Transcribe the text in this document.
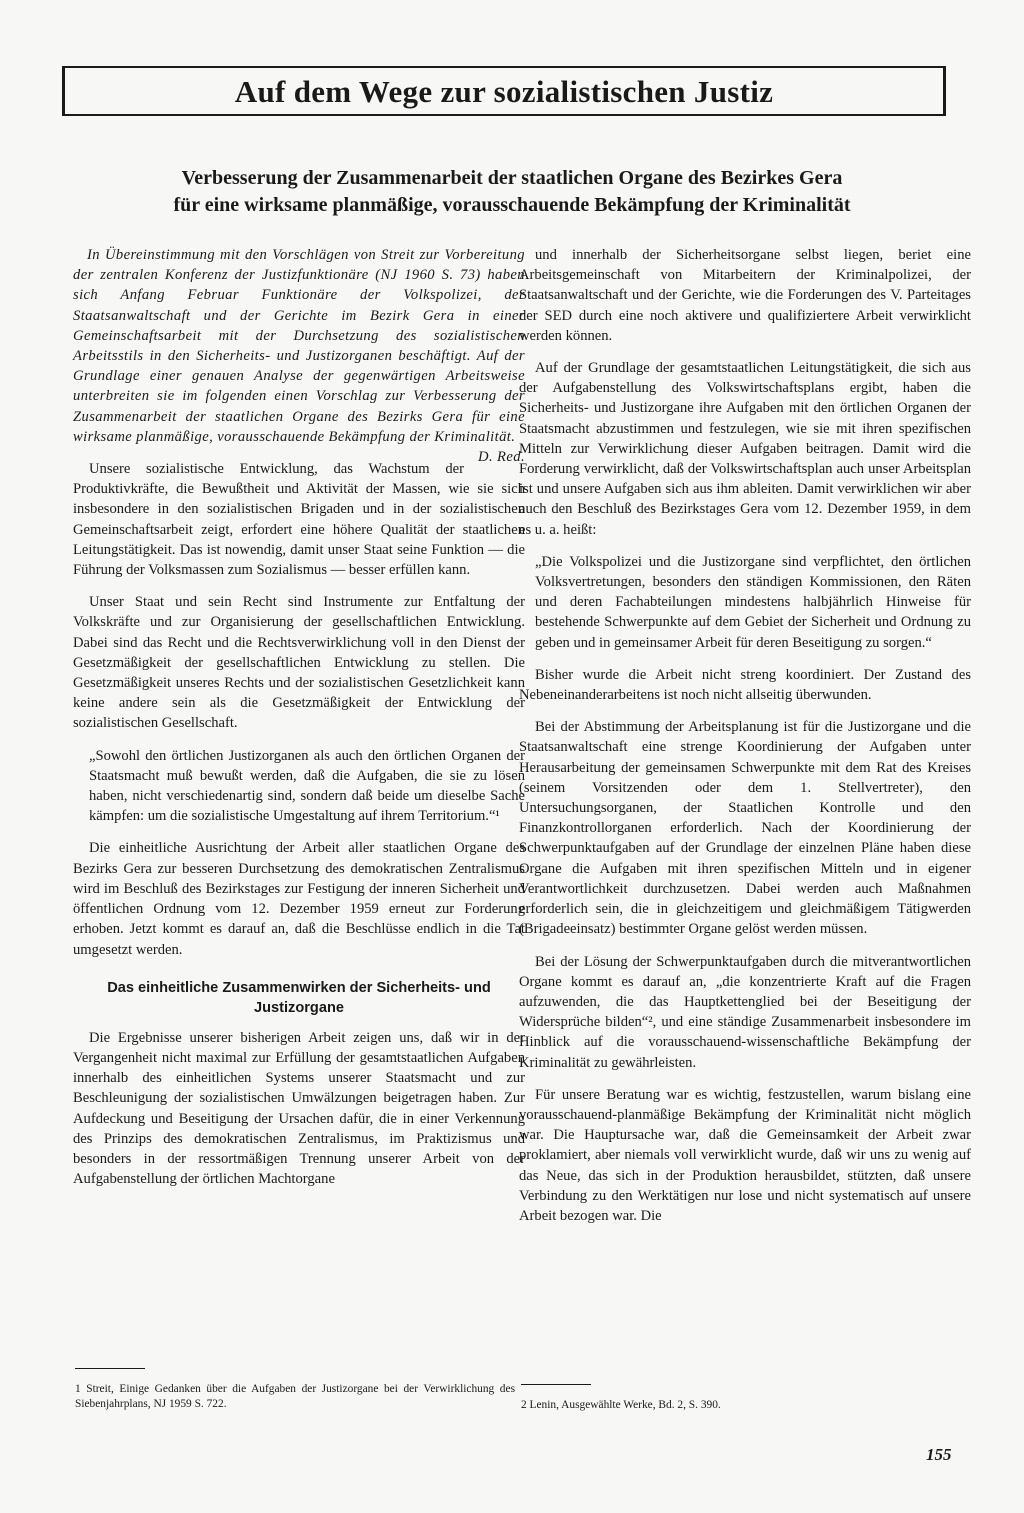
Auf dem Wege zur sozialistischen Justiz
Verbesserung der Zusammenarbeit der staatlichen Organe des Bezirkes Gera
für eine wirksame planmäßige, vorausschauende Bekämpfung der Kriminalität

In Übereinstimmung mit den Vorschlägen von Streit zur Vorbereitung der zentralen Konferenz der Justizfunktionäre (NJ 1960 S. 73) haben sich Anfang Februar Funktionäre der Volkspolizei, der Staatsanwaltschaft und der Gerichte im Bezirk Gera in einer Gemeinschaftsarbeit mit der Durchsetzung des sozialistischen Arbeitsstils in den Sicherheits- und Justizorganen beschäftigt. Auf der Grundlage einer genauen Analyse der gegenwärtigen Arbeitsweise unterbreiten sie im folgenden einen Vorschlag zur Verbesserung der Zusammenarbeit der staatlichen Organe des Bezirks Gera für eine wirksame planmäßige, vorausschauende Bekämpfung der Kriminalität.
D. Red.

Unsere sozialistische Entwicklung, das Wachstum der Produktivkräfte, die Bewußtheit und Aktivität der Massen, wie sie sich insbesondere in den sozialistischen Brigaden und in der sozialistischen Gemeinschaftsarbeit zeigt, erfordert eine höhere Qualität der staatlichen Leitungstätigkeit. Das ist nowendig, damit unser Staat seine Funktion — die Führung der Volksmassen zum Sozialismus — besser erfüllen kann.

Unser Staat und sein Recht sind Instrumente zur Entfaltung der Volkskräfte und zur Organisierung der gesellschaftlichen Entwicklung. Dabei sind das Recht und die Rechtsverwirklichung voll in den Dienst der Gesetzmäßigkeit der gesellschaftlichen Entwicklung zu stellen. Die Gesetzmäßigkeit unseres Rechts und der sozialistischen Gesetzlichkeit kann keine andere sein als die Gesetzmäßigkeit der Entwicklung der sozialistischen Gesellschaft.

„Sowohl den örtlichen Justizorganen als auch den örtlichen Organen der Staatsmacht muß bewußt werden, daß die Aufgaben, die sie zu lösen haben, nicht verschiedenartig sind, sondern daß beide um dieselbe Sache kämpfen: um die sozialistische Umgestaltung auf ihrem Territorium.“¹

Die einheitliche Ausrichtung der Arbeit aller staatlichen Organe des Bezirks Gera zur besseren Durchsetzung des demokratischen Zentralismus wird im Beschluß des Bezirkstages zur Festigung der inneren Sicherheit und öffentlichen Ordnung vom 12. Dezember 1959 erneut zur Forderung erhoben. Jetzt kommt es darauf an, daß die Beschlüsse endlich in die Tat umgesetzt werden.

Das einheitliche Zusammenwirken der Sicherheits- und Justizorgane

Die Ergebnisse unserer bisherigen Arbeit zeigen uns, daß wir in der Vergangenheit nicht maximal zur Erfüllung der gesamtstaatlichen Aufgaben innerhalb des einheitlichen Systems unserer Staatsmacht und zur Beschleunigung der sozialistischen Umwälzungen beigetragen haben. Zur Aufdeckung und Beseitigung der Ursachen dafür, die in einer Verkennung des Prinzips des demokratischen Zentralismus, im Praktizismus und besonders in der ressortmäßigen Trennung unserer Arbeit von der Aufgabenstellung der örtlichen Machtorgane

und innerhalb der Sicherheitsorgane selbst liegen, beriet eine Arbeitsgemeinschaft von Mitarbeitern der Kriminalpolizei, der Staatsanwaltschaft und der Gerichte, wie die Forderungen des V. Parteitages der SED durch eine noch aktivere und qualifiziertere Arbeit verwirklicht werden können.

Auf der Grundlage der gesamtstaatlichen Leitungstätigkeit, die sich aus der Aufgabenstellung des Volkswirtschaftsplans ergibt, haben die Sicherheits- und Justizorgane ihre Aufgaben mit den örtlichen Organen der Staatsmacht abzustimmen und festzulegen, wie sie mit ihren spezifischen Mitteln zur Verwirklichung dieser Aufgaben beitragen. Damit wird die Forderung verwirklicht, daß der Volkswirtschaftsplan auch unser Arbeitsplan ist und unsere Aufgaben sich aus ihm ableiten. Damit verwirklichen wir aber auch den Beschluß des Bezirkstages Gera vom 12. Dezember 1959, in dem es u. a. heißt:

„Die Volkspolizei und die Justizorgane sind verpflichtet, den örtlichen Volksvertretungen, besonders den ständigen Kommissionen, den Räten und deren Fachabteilungen mindestens halbjährlich Hinweise für bestehende Schwerpunkte auf dem Gebiet der Sicherheit und Ordnung zu geben und in gemeinsamer Arbeit für deren Beseitigung zu sorgen.“

Bisher wurde die Arbeit nicht streng koordiniert. Der Zustand des Nebeneinanderarbeitens ist noch nicht allseitig überwunden.

Bei der Abstimmung der Arbeitsplanung ist für die Justizorgane und die Staatsanwaltschaft eine strenge Koordinierung der Aufgaben unter Herausarbeitung der gemeinsamen Schwerpunkte mit dem Rat des Kreises (seinem Vorsitzenden oder dem 1. Stellvertreter), den Untersuchungsorganen, der Staatlichen Kontrolle und den Finanzkontrollorganen erforderlich. Nach der Koordinierung der Schwerpunktaufgaben auf der Grundlage der einzelnen Pläne haben diese Organe die Aufgaben mit ihren spezifischen Mitteln und in eigener Verantwortlichkeit durchzusetzen. Dabei werden auch Maßnahmen erforderlich sein, die in gleichzeitigem und gleichmäßigem Tätigwerden (Brigadeeinsatz) bestimmter Organe gelöst werden müssen.

Bei der Lösung der Schwerpunktaufgaben durch die mitverantwortlichen Organe kommt es darauf an, „die konzentrierte Kraft auf die Fragen aufzuwenden, die das Hauptkettenglied bei der Beseitigung der Widersprüche bilden“², und eine ständige Zusammenarbeit insbesondere im Hinblick auf die vorausschauend-wissenschaftliche Bekämpfung der Kriminalität zu gewährleisten.

Für unsere Beratung war es wichtig, festzustellen, warum bislang eine vorausschauend-planmäßige Bekämpfung der Kriminalität nicht möglich war. Die Hauptursache war, daß die Gemeinsamkeit der Arbeit zwar proklamiert, aber niemals voll verwirklicht wurde, daß wir uns zu wenig auf das Neue, das sich in der Produktion herausbildet, stützten, daß unsere Verbindung zu den Werktätigen nur lose und nicht systematisch auf unsere Arbeit bezogen war. Die

1 Streit, Einige Gedanken über die Aufgaben der Justizorgane bei der Verwirklichung des Siebenjahrplans, NJ 1959 S. 722.	2 Lenin, Ausgewählte Werke, Bd. 2, S. 390.
155
